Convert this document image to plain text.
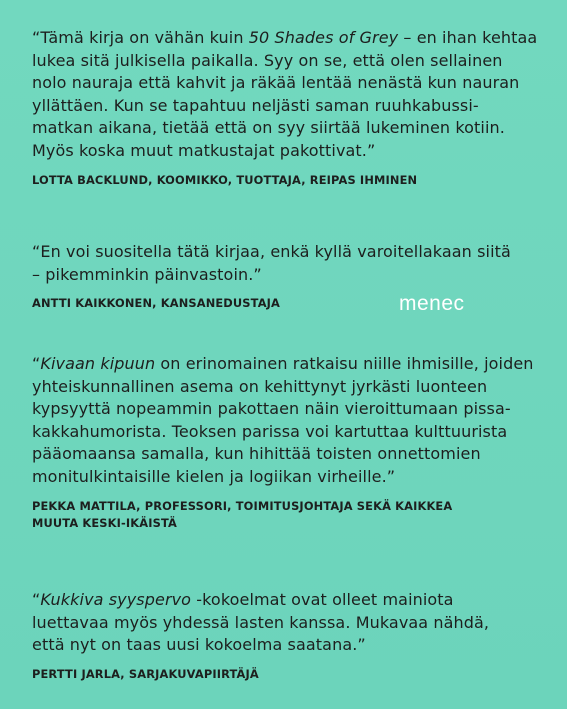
“Tämä kirja on vähän kuin 50 Shades of Grey – en ihan kehtaa
lukea sitä julkisella paikalla. Syy on se, että olen sellainen
nolo nauraja että kahvit ja räkää lentää nenästä kun nauran
yllättäen. Kun se tapahtuu neljästi saman ruuhkabussi-
matkan aikana, tietää että on syy siirtää lukeminen kotiin.
Myös koska muut matkustajat pakottivat.”

LOTTA BACKLUND, KOOMIKKO, TUOTTAJA, REIPAS IHMINEN

“En voi suositella tätä kirjaa, enkä kyllä varoitellakaan siitä
– pikemminkin päinvastoin.”

ANTTI KAIKKONEN, KANSANEDUSTAJA	menec

“Kivaan kipuun on erinomainen ratkaisu niille ihmisille, joiden
yhteiskunnallinen asema on kehittynyt jyrkästi luonteen
kypsyyttä nopeammin pakottaen näin vieroittumaan pissa-
kakkahumorista. Teoksen parissa voi kartuttaa kulttuurista
pääomaansa samalla, kun hihittää toisten onnettomien
monitulkintaisille kielen ja logiikan virheille.”

PEKKA MATTILA, PROFESSORI, TOIMITUSJOHTAJA SEKÄ KAIKKEA
MUUTA KESKI-IKÄISTÄ

“Kukkiva syyspervo -kokoelmat ovat olleet mainiota
luettavaa myös yhdessä lasten kanssa. Mukavaa nähdä,
että nyt on taas uusi kokoelma saatana.”

PERTTI JARLA, SARJAKUVAPIIRTÄJÄ
